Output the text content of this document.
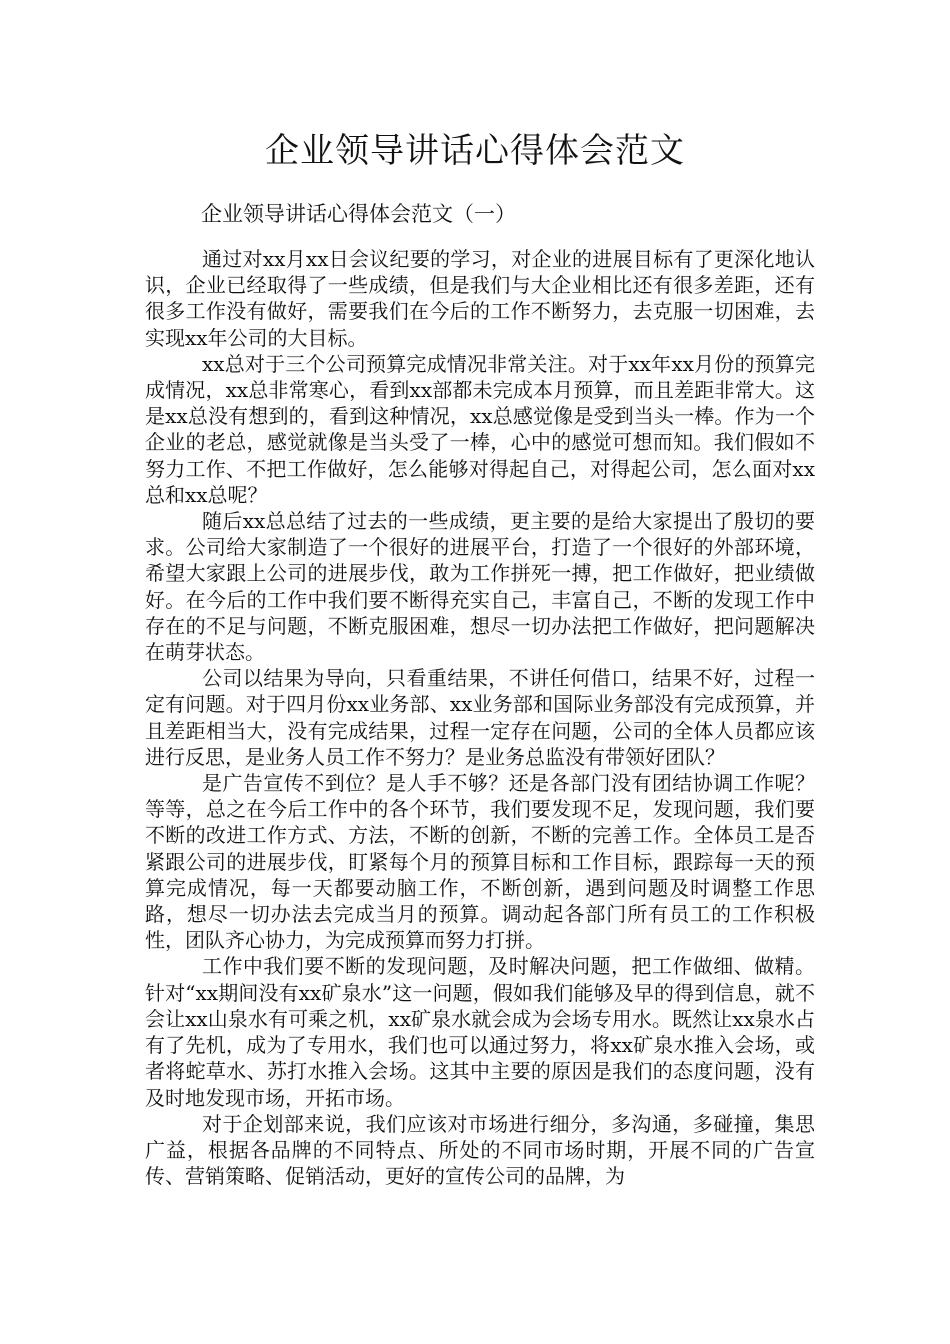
企业领导讲话心得体会范文
企业领导讲话心得体会范文（一）

通过对xx月xx日会议纪要的学习，对企业的进展目标有了更深化地认识，企业已经取得了一些成绩，但是我们与大企业相比还有很多差距，还有很多工作没有做好，需要我们在今后的工作不断努力，去克服一切困难，去实现xx年公司的大目标。

xx总对于三个公司预算完成情况非常关注。对于xx年xx月份的预算完成情况，xx总非常寒心，看到xx部都未完成本月预算，而且差距非常大。这是xx总没有想到的，看到这种情况，xx总感觉像是受到当头一棒。作为一个企业的老总，感觉就像是当头受了一棒，心中的感觉可想而知。我们假如不努力工作、不把工作做好，怎么能够对得起自己，对得起公司，怎么面对xx总和xx总呢？

随后xx总总结了过去的一些成绩，更主要的是给大家提出了殷切的要求。公司给大家制造了一个很好的进展平台，打造了一个很好的外部环境，希望大家跟上公司的进展步伐，敢为工作拼死一搏，把工作做好，把业绩做好。在今后的工作中我们要不断得充实自己，丰富自己，不断的发现工作中存在的不足与问题，不断克服困难，想尽一切办法把工作做好，把问题解决在萌芽状态。

公司以结果为导向，只看重结果，不讲任何借口，结果不好，过程一定有问题。对于四月份xx业务部、xx业务部和国际业务部没有完成预算，并且差距相当大，没有完成结果，过程一定存在问题，公司的全体人员都应该进行反思，是业务人员工作不努力？是业务总监没有带领好团队？

是广告宣传不到位？是人手不够？还是各部门没有团结协调工作呢？等等，总之在今后工作中的各个环节，我们要发现不足，发现问题，我们要不断的改进工作方式、方法，不断的创新，不断的完善工作。全体员工是否紧跟公司的进展步伐，盯紧每个月的预算目标和工作目标，跟踪每一天的预算完成情况，每一天都要动脑工作，不断创新，遇到问题及时调整工作思路，想尽一切办法去完成当月的预算。调动起各部门所有员工的工作积极性，团队齐心协力，为完成预算而努力打拼。

工作中我们要不断的发现问题，及时解决问题，把工作做细、做精。针对“xx期间没有xx矿泉水”这一问题，假如我们能够及早的得到信息，就不会让xx山泉水有可乘之机，xx矿泉水就会成为会场专用水。既然让xx泉水占有了先机，成为了专用水，我们也可以通过努力，将xx矿泉水推入会场，或者将蛇草水、苏打水推入会场。这其中主要的原因是我们的态度问题，没有及时地发现市场，开拓市场。

对于企划部来说，我们应该对市场进行细分，多沟通，多碰撞，集思广益，根据各品牌的不同特点、所处的不同市场时期，开展不同的广告宣传、营销策略、促销活动，更好的宣传公司的品牌，为
